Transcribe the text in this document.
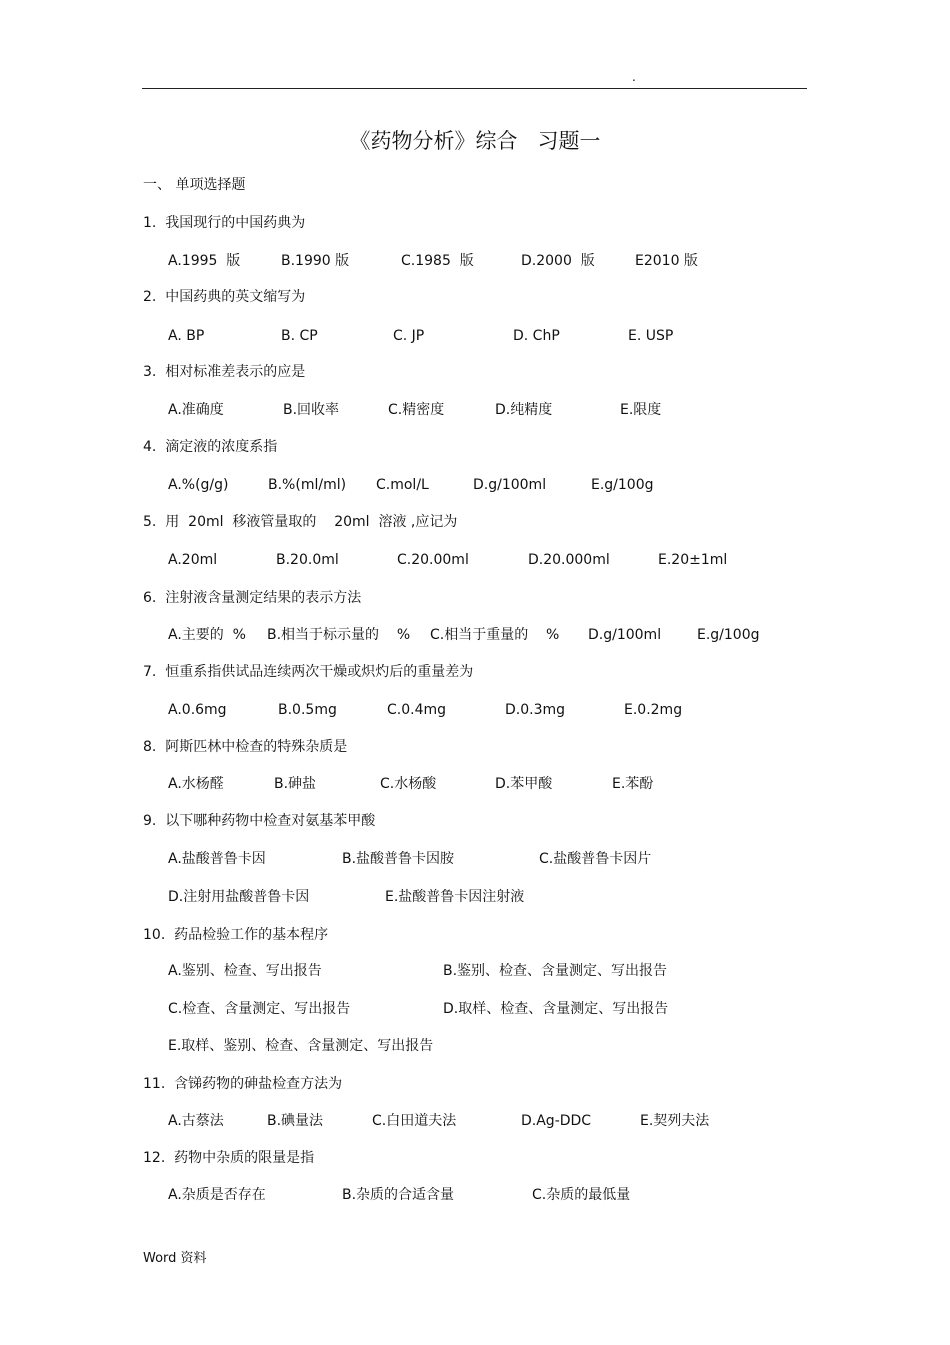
.
《药物分析》综合   习题一
一、 单项选择题
1.  我国现行的中国药典为
A.1995  版	B.1990 版	C.1985  版	D.2000  版	E2010 版
2.  中国药典的英文缩写为
A. BP	B. CP	C. JP	D. ChP	E. USP
3.  相对标准差表示的应是
A.准确度	B.回收率	C.精密度	D.纯精度	E.限度
4.  滴定液的浓度系指
A.%(g/g)	B.%(ml/ml) C.mol/L	D.g/100ml	E.g/100g
5.  用  20ml  移液管量取的    20ml  溶液 ,应记为
A.20ml	B.20.0ml	C.20.00ml	D.20.000ml	E.20±1ml
6.  注射液含量测定结果的表示方法
A.主要的  % B.相当于标示量的    % C.相当于重量的    % D.g/100ml	E.g/100g
7.  恒重系指供试品连续两次干燥或炽灼后的重量差为
A.0.6mg	B.0.5mg	C.0.4mg	D.0.3mg	E.0.2mg
8.  阿斯匹林中检查的特殊杂质是
A.水杨醛	B.砷盐	C.水杨酸	D.苯甲酸	E.苯酚
9.  以下哪种药物中检查对氨基苯甲酸
A.盐酸普鲁卡因	B.盐酸普鲁卡因胺	C.盐酸普鲁卡因片
D.注射用盐酸普鲁卡因	E.盐酸普鲁卡因注射液
10.  药品检验工作的基本程序
A.鉴别、检查、写出报告	B.鉴别、检查、含量测定、写出报告
C.检查、含量测定、写出报告	D.取样、检查、含量测定、写出报告
E.取样、鉴别、检查、含量测定、写出报告
11.  含锑药物的砷盐检查方法为
A.古蔡法	B.碘量法	C.白田道夫法	D.Ag-DDC	E.契列夫法
12.  药物中杂质的限量是指
A.杂质是否存在	B.杂质的合适含量	C.杂质的最低量
Word 资料
